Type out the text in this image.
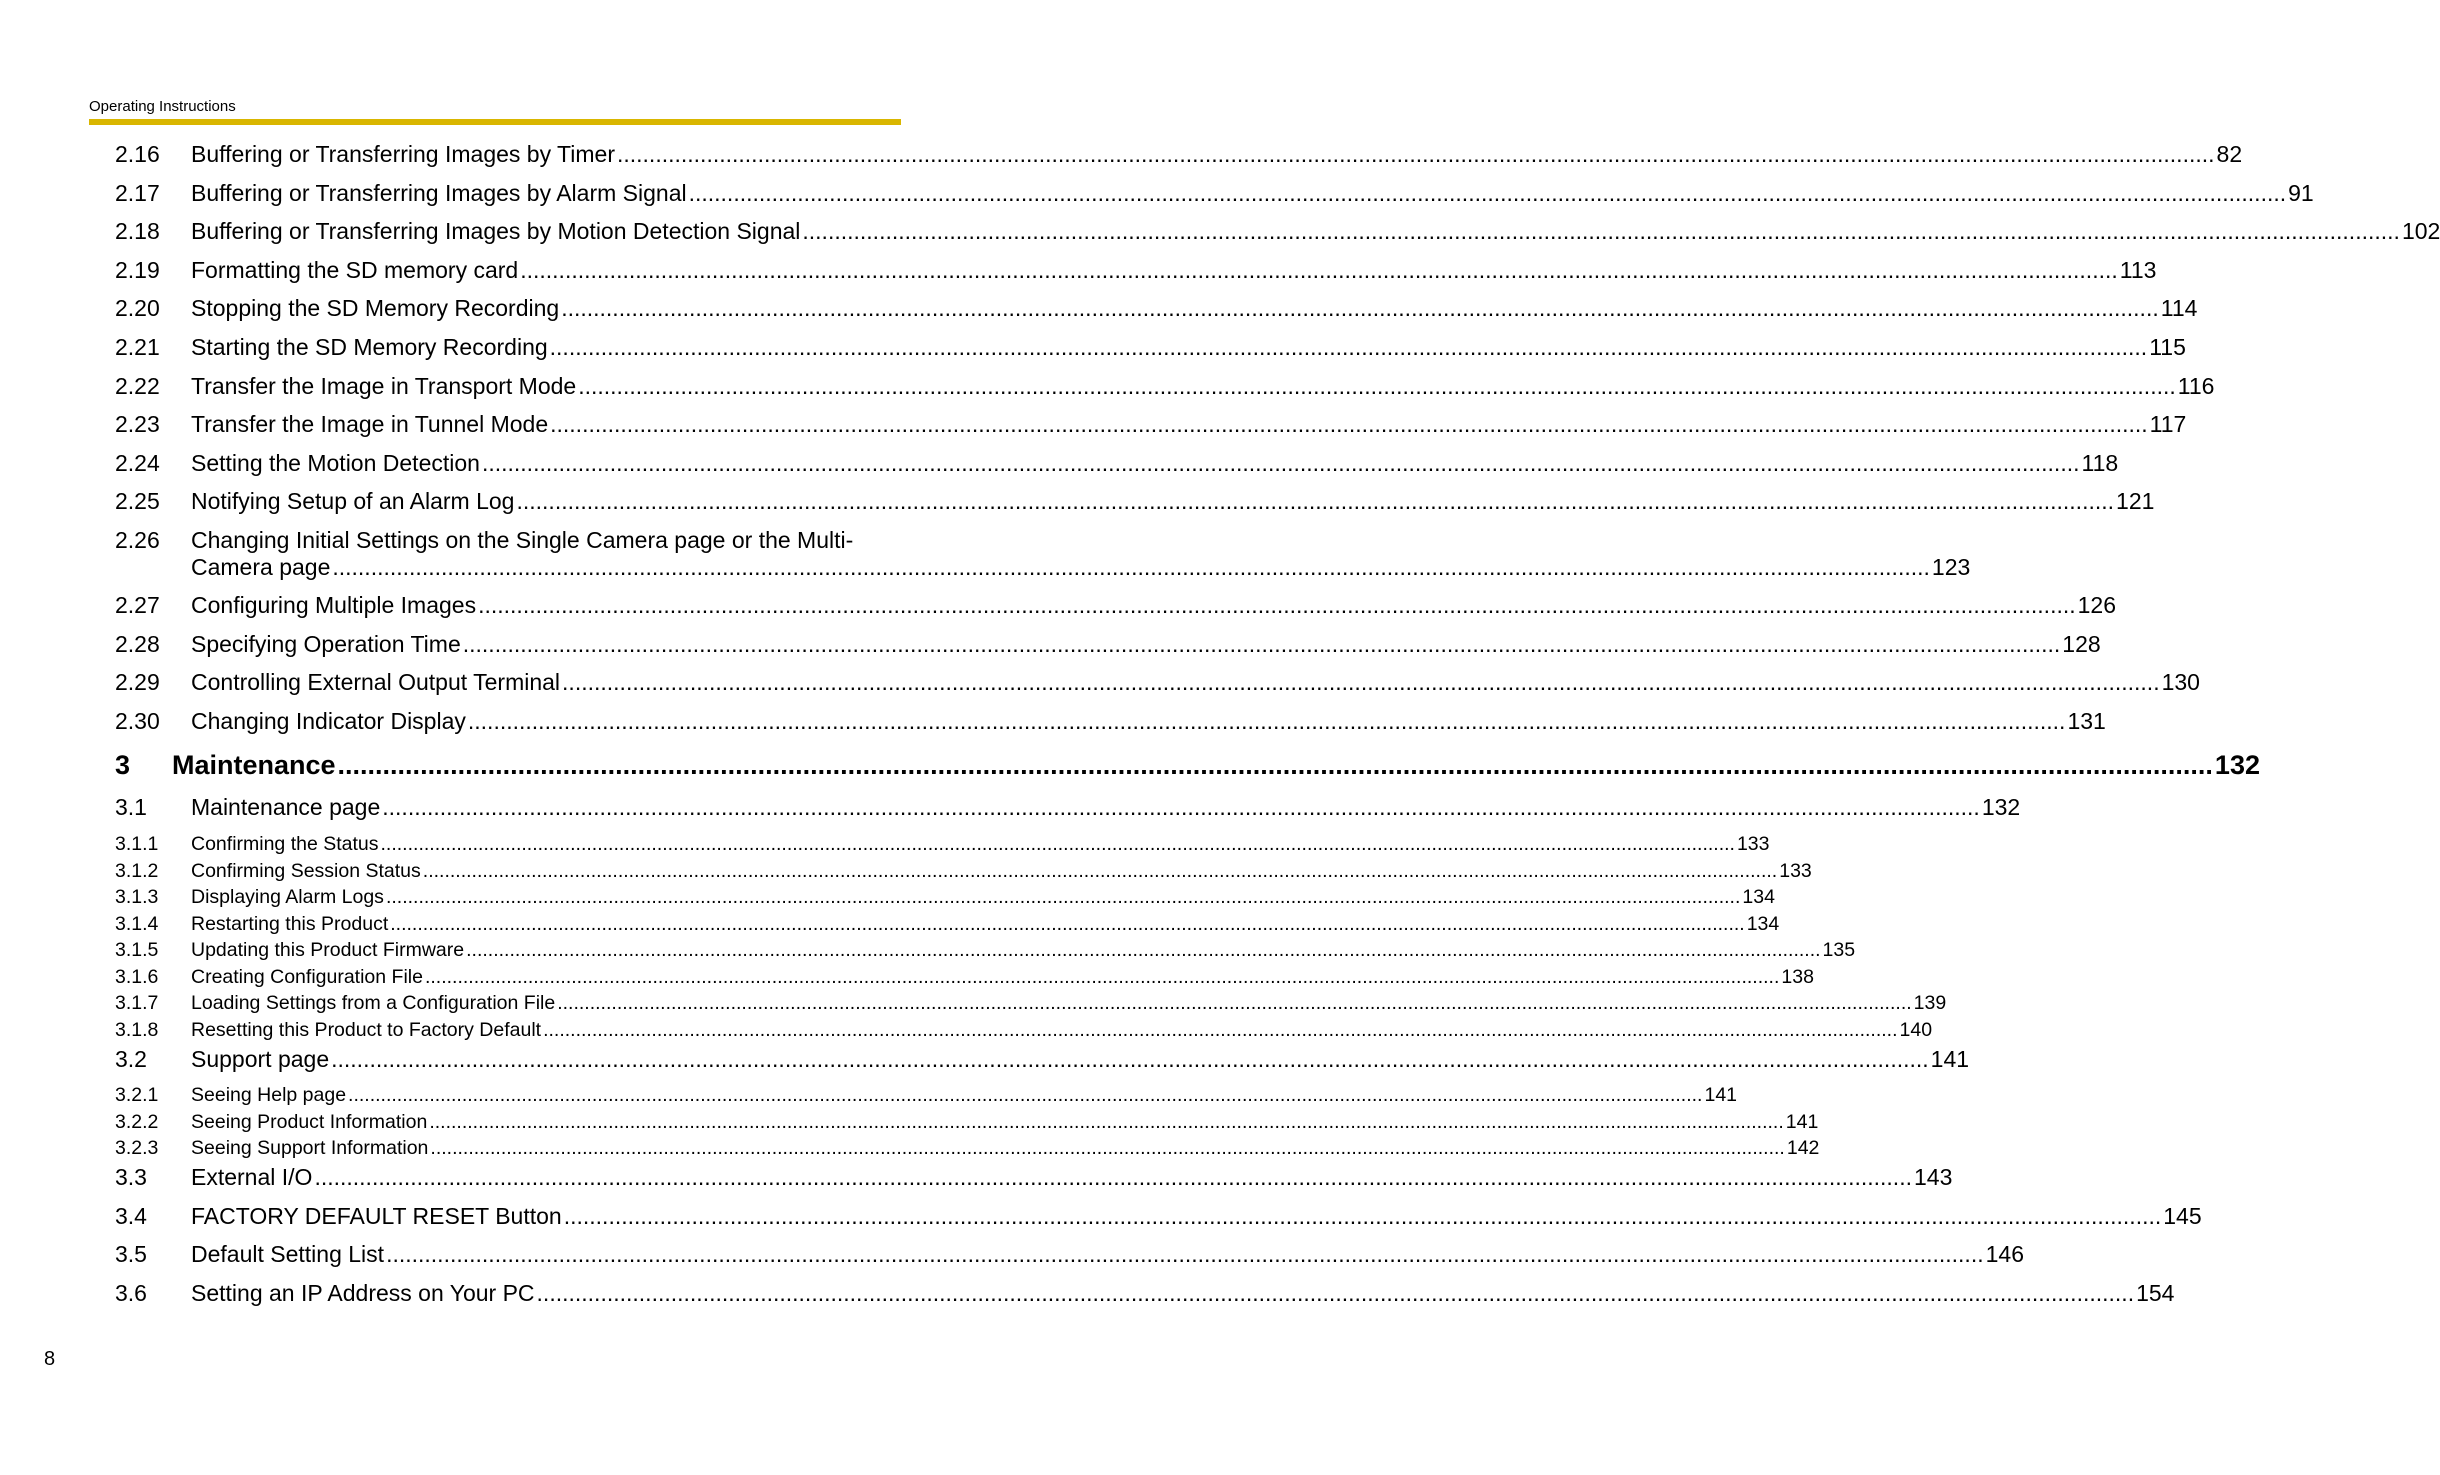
Operating Instructions
2.16	Buffering or Transferring Images by Timer .....	82
2.17	Buffering or Transferring Images by Alarm Signal .....	91
2.18	Buffering or Transferring Images by Motion Detection Signal .....	102
2.19	Formatting the SD memory card .....	113
2.20	Stopping the SD Memory Recording .....	114
2.21	Starting the SD Memory Recording .....	115
2.22	Transfer the Image in Transport Mode .....	116
2.23	Transfer the Image in Tunnel Mode .....	117
2.24	Setting the Motion Detection .....	118
2.25	Notifying Setup of an Alarm Log .....	121
2.26	Changing Initial Settings on the Single Camera page or the Multi-
Camera page .....	123
2.27	Configuring Multiple Images .....	126
2.28	Specifying Operation Time .....	128
2.29	Controlling External Output Terminal .....	130
2.30	Changing Indicator Display .....	131
3	Maintenance .....	132
3.1	Maintenance page .....	132
3.1.1	Confirming the Status .....	133
3.1.2	Confirming Session Status .....	133
3.1.3	Displaying Alarm Logs .....	134
3.1.4	Restarting this Product .....	134
3.1.5	Updating this Product Firmware .....	135
3.1.6	Creating Configuration File .....	138
3.1.7	Loading Settings from a Configuration File .....	139
3.1.8	Resetting this Product to Factory Default .....	140
3.2	Support page .....	141
3.2.1	Seeing Help page .....	141
3.2.2	Seeing Product Information .....	141
3.2.3	Seeing Support Information .....	142
3.3	External I/O .....	143
3.4	FACTORY DEFAULT RESET Button .....	145
3.5	Default Setting List .....	146
3.6	Setting an IP Address on Your PC .....	154
8
